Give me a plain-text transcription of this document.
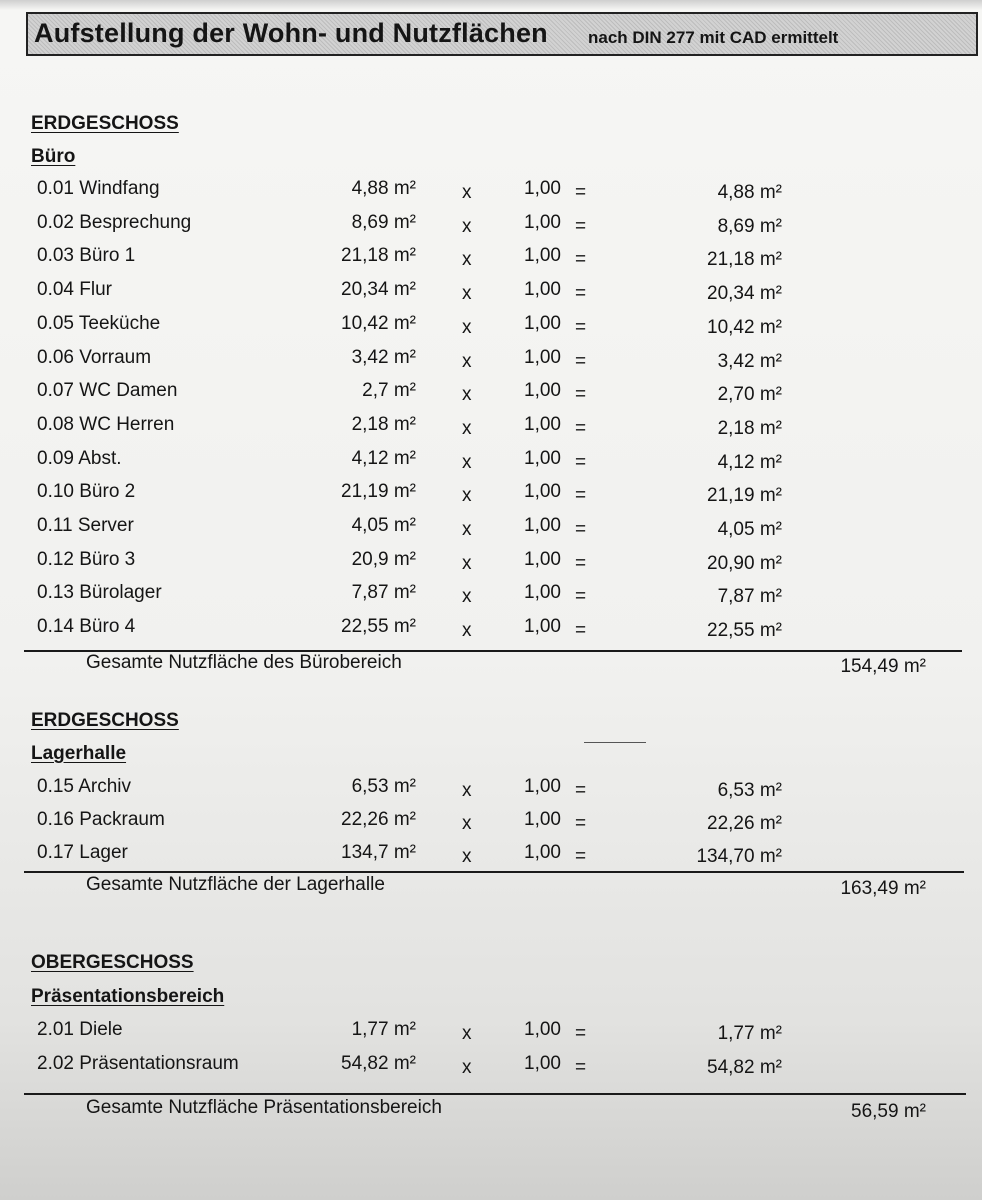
Aufstellung der Wohn- und Nutzflächen nach DIN 277 mit CAD ermittelt
ERDGESCHOSS
Büro
0.01 Windfang	4,88 m² x	1,00 =	4,88 m²
0.02 Besprechung	8,69 m² x	1,00 =	8,69 m²
0.03 Büro 1	21,18 m² x	1,00 =	21,18 m²
0.04 Flur	20,34 m² x	1,00 =	20,34 m²
0.05 Teeküche	10,42 m² x	1,00 =	10,42 m²
0.06 Vorraum	3,42 m² x	1,00 =	3,42 m²
0.07 WC Damen	2,7 m² x	1,00 =	2,70 m²
0.08 WC Herren	2,18 m² x	1,00 =	2,18 m²
0.09 Abst.	4,12 m² x	1,00 =	4,12 m²
0.10 Büro 2	21,19 m² x	1,00 =	21,19 m²
0.11 Server	4,05 m² x	1,00 =	4,05 m²
0.12 Büro 3	20,9 m² x	1,00 =	20,90 m²
0.13 Bürolager	7,87 m² x	1,00 =	7,87 m²
0.14 Büro 4	22,55 m² x	1,00 =	22,55 m²
Gesamte Nutzfläche des Bürobereich	154,49 m²
ERDGESCHOSS
Lagerhalle
0.15 Archiv	6,53 m² x	1,00 =	6,53 m²
0.16 Packraum	22,26 m² x	1,00 =	22,26 m²
0.17 Lager	134,7 m² x	1,00 =	134,70 m²
Gesamte Nutzfläche der Lagerhalle	163,49 m²
OBERGESCHOSS
Präsentationsbereich
2.01 Diele	1,77 m² x	1,00 =	1,77 m²
2.02 Präsentationsraum	54,82 m² x	1,00 =	54,82 m²
Gesamte Nutzfläche Präsentationsbereich	56,59 m²
